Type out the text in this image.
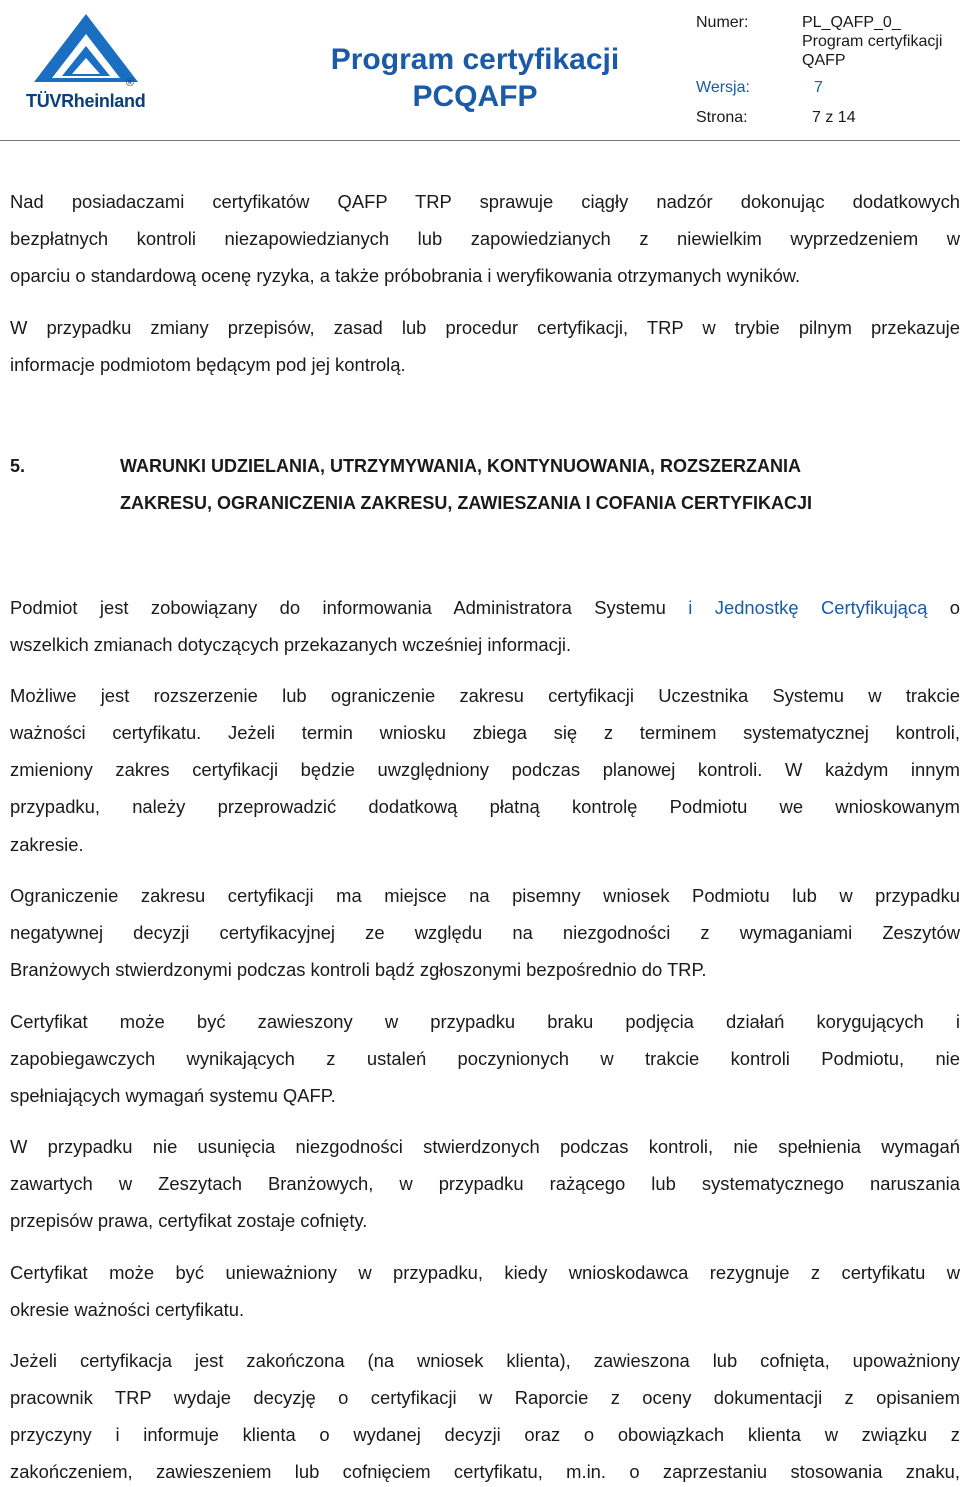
TÜVRheinland
®
Program certyfikacji
PCQAFP
Numer:	PL_QAFP_0_
Program certyfikacji
QAFP
Wersja:	7
Strona:	7 z 14
Nad posiadaczami certyfikatów QAFP TRP sprawuje ciągły nadzór dokonując dodatkowych
bezpłatnych kontroli niezapowiedzianych lub zapowiedzianych z niewielkim wyprzedzeniem w
oparciu o standardową ocenę ryzyka, a także próbobrania i weryfikowania otrzymanych wyników.
W przypadku zmiany przepisów, zasad lub procedur certyfikacji, TRP w trybie pilnym przekazuje
informacje podmiotom będącym pod jej kontrolą.
5.	WARUNKI UDZIELANIA, UTRZYMYWANIA, KONTYNUOWANIA, ROZSZERZANIA
ZAKRESU, OGRANICZENIA ZAKRESU, ZAWIESZANIA I COFANIA CERTYFIKACJI
Podmiot jest zobowiązany do informowania Administratora Systemu i Jednostkę Certyfikującą o
wszelkich zmianach dotyczących przekazanych wcześniej informacji.
Możliwe jest rozszerzenie lub ograniczenie zakresu certyfikacji Uczestnika Systemu w trakcie
ważności certyfikatu. Jeżeli termin wniosku zbiega się z terminem systematycznej kontroli,
zmieniony zakres certyfikacji będzie uwzględniony podczas planowej kontroli. W każdym innym
przypadku, należy przeprowadzić dodatkową płatną kontrolę Podmiotu we wnioskowanym
zakresie.
Ograniczenie zakresu certyfikacji ma miejsce na pisemny wniosek Podmiotu lub w przypadku
negatywnej decyzji certyfikacyjnej ze względu na niezgodności z wymaganiami Zeszytów
Branżowych stwierdzonymi podczas kontroli bądź zgłoszonymi bezpośrednio do TRP.
Certyfikat może być zawieszony w przypadku braku podjęcia działań korygujących i
zapobiegawczych wynikających z ustaleń poczynionych w trakcie kontroli Podmiotu, nie
spełniających wymagań systemu QAFP.
W przypadku nie usunięcia niezgodności stwierdzonych podczas kontroli, nie spełnienia wymagań
zawartych w Zeszytach Branżowych, w przypadku rażącego lub systematycznego naruszania
przepisów prawa, certyfikat zostaje cofnięty.
Certyfikat może być unieważniony w przypadku, kiedy wnioskodawca rezygnuje z certyfikatu w
okresie ważności certyfikatu.
Jeżeli certyfikacja jest zakończona (na wniosek klienta), zawieszona lub cofnięta, upoważniony
pracownik TRP wydaje decyzję o certyfikacji w Raporcie z oceny dokumentacji z opisaniem
przyczyny i informuje klienta o wydanej decyzji oraz o obowiązkach klienta w związku z
zakończeniem, zawieszeniem lub cofnięciem certyfikatu, m.in. o zaprzestaniu stosowania znaku,
